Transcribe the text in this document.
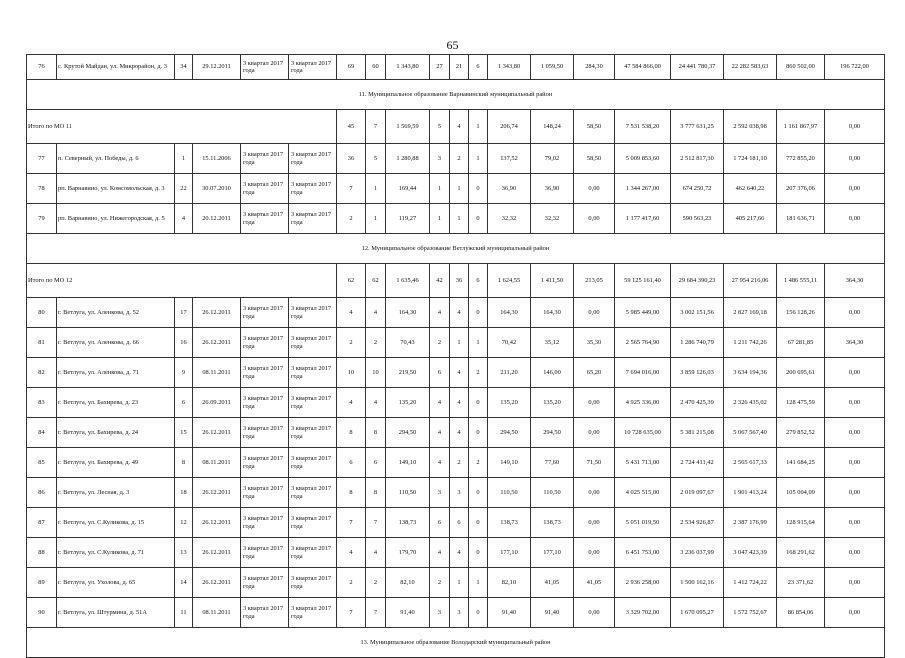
65
76	с. Крутой Майдан, ул. Микрорайон, д. 3	34	29.12.2011	3 квартал 2017 года	3 квартал 2017 года	69	60	1 343,80	27	21	6	1 343,80	1 059,50	284,30	47 584 866,00	24 441 780,37	22 282 583,63	860 502,00	196 722,00
11. Муниципальное образование Варнавинский муниципальный район																			
Итого по МО 11						45	7	1 569,59	5	4	1	206,74	148,24	58,50	7 531 538,20	3 777 631,25	2 592 038,98	1 161 867,97	0,00
77	п. Северный, ул. Победы, д. 6	1	15.11.2006	3 квартал 2017 года	3 квартал 2017 года	36	5	1 280,88	3	2	1	137,52	79,02	58,50	5 009 853,60	2 512 817,30	1 724 181,10	772 855,20	0,00
78	рп. Варнавино, ул. Комсомольская, д. 3	22	30.07.2010	3 квартал 2017 года	3 квартал 2017 года	7	1	169,44	1	1	0	36,90	36,90	0,00	1 344 267,00	674 250,72	462 640,22	207 376,06	0,00
79	рп. Варнавино, ул. Нижегородская, д. 5	4	20.12.2011	3 квартал 2017 года	3 квартал 2017 года	2	1	119,27	1	1	0	32,32	32,32	0,00	1 177 417,60	590 563,23	405 217,66	181 636,71	0,00
12. Муниципальное образование Ветлужский муниципальный район																			
Итого по МО 12						62	62	1 635,46	42	36	6	1 624,55	1 411,50	213,05	59 125 161,40	29 684 390,23	27 954 216,06	1 486 555,11	364,30
80	г. Ветлуга, ул. Аленкова, д. 52	17	26.12.2011	3 квартал 2017 года	3 квартал 2017 года	4	4	164,30	4	4	0	164,30	164,30	0,00	5 985 449,00	3 002 151,56	2 827 169,18	156 128,26	0,00
81	г. Ветлуга, ул. Аленкова, д. 66	16	26.12.2011	3 квартал 2017 года	3 квартал 2017 года	2	2	70,43	2	1	1	70,42	35,12	35,30	2 565 764,90	1 286 740,79	1 211 742,26	67 281,85	364,30
82	г. Ветлуга, ул. Аленкова, д. 71	9	08.11.2011	3 квартал 2017 года	3 квартал 2017 года	10	10	219,50	6	4	2	211,20	146,00	65,20	7 694 016,00	3 859 126,03	3 634 194,36	200 695,61	0,00
83	г. Ветлуга, ул. Бахирева, д. 23	6	26.09.2011	3 квартал 2017 года	3 квартал 2017 года	4	4	135,20	4	4	0	135,20	135,20	0,00	4 925 336,00	2 470 425,39	2 326 435,02	128 475,59	0,00
84	г. Ветлуга, ул. Бахирева, д. 24	15	26.12.2011	3 квартал 2017 года	3 квартал 2017 года	8	8	294,50	4	4	0	294,50	294,50	0,00	10 728 635,00	5 381 215,08	5 067 567,40	279 852,52	0,00
85	г. Ветлуга, ул. Бахирева, д. 49	8	08.11.2011	3 квартал 2017 года	3 квартал 2017 года	6	6	149,10	4	2	2	149,10	77,60	71,50	5 431 713,00	2 724 411,42	2 565 617,33	141 684,25	0,00
86	г. Ветлуга, ул. Лесная, д. 3	18	26.12.2011	3 квартал 2017 года	3 квартал 2017 года	8	8	110,50	3	3	0	110,50	110,50	0,00	4 025 515,00	2 019 097,67	1 901 413,24	105 004,09	0,00
87	г. Ветлуга, ул. С.Куликова, д. 15	12	26.12.2011	3 квартал 2017 года	3 квартал 2017 года	7	7	138,73	6	6	0	138,73	138,73	0,00	5 051 019,50	2 534 926,87	2 387 176,99	128 915,64	0,00
88	г. Ветлуга, ул. С.Куликова, д. 71	13	26.12.2011	3 квартал 2017 года	3 квартал 2017 года	4	4	179,70	4	4	0	177,10	177,10	0,00	6 451 753,00	3 236 037,99	3 047 423,39	168 291,62	0,00
89	г. Ветлуга, ул. Ухолова, д. 65	14	26.12.2011	3 квартал 2017 года	3 квартал 2017 года	2	2	82,10	2	1	1	82,10	41,05	41,05	2 936 258,00	1 500 162,16	1 412 724,22	23 371,62	0,00
90	г. Ветлуга, ул. Штурмина, д. 51А	11	08.11.2011	3 квартал 2017 года	3 квартал 2017 года	7	7	91,40	3	3	0	91,40	91,40	0,00	3 329 702,00	1 670 095,27	1 572 752,67	86 854,06	0,00
13. Муниципальное образование Володарский муниципальный район																			
